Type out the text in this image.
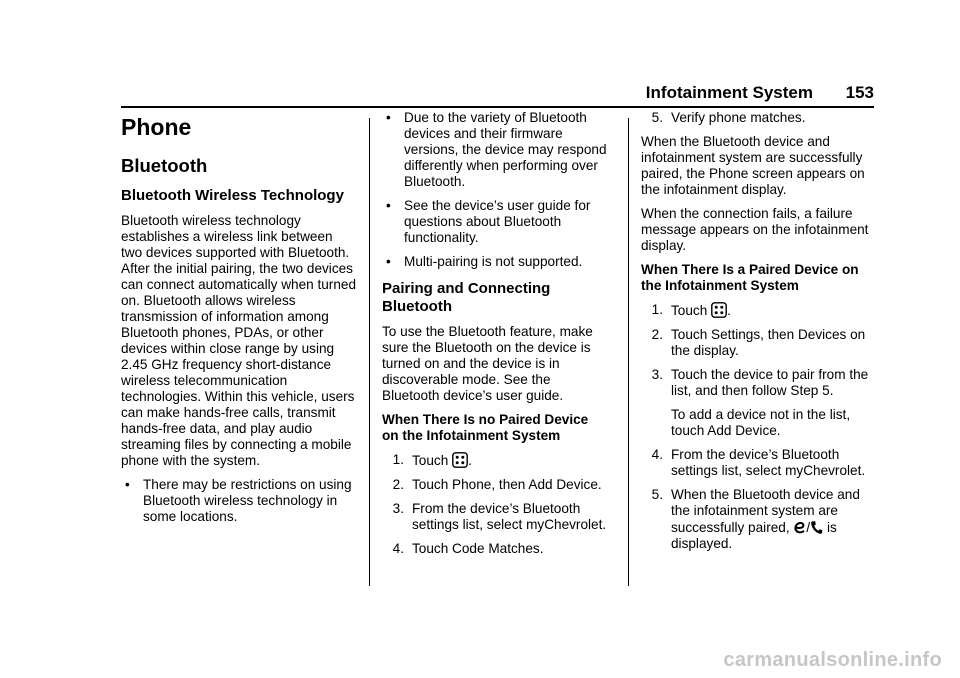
Infotainment System 153
Phone
Bluetooth
Bluetooth Wireless Technology

Bluetooth wireless technology establishes a wireless link between two devices supported with Bluetooth. After the initial pairing, the two devices can connect automatically when turned on. Bluetooth allows wireless transmission of information among Bluetooth phones, PDAs, or other devices within close range by using 2.45 GHz frequency short-distance wireless telecommunication technologies. Within this vehicle, users can make hands-free calls, transmit hands-free data, and play audio streaming files by connecting a mobile phone with the system.

• There may be restrictions on using Bluetooth wireless technology in some locations.
• Due to the variety of Bluetooth devices and their firmware versions, the device may respond differently when performing over Bluetooth.
• See the device’s user guide for questions about Bluetooth functionality.
• Multi-pairing is not supported.
Pairing and Connecting Bluetooth

To use the Bluetooth feature, make sure the Bluetooth on the device is turned on and the device is in discoverable mode. See the Bluetooth device’s user guide.

When There Is no Paired Device on the Infotainment System

1. Touch .
2. Touch Phone, then Add Device.
3. From the device’s Bluetooth settings list, select myChevrolet.
4. Touch Code Matches.
5. Verify phone matches.

When the Bluetooth device and infotainment system are successfully paired, the Phone screen appears on the infotainment display.

When the connection fails, a failure message appears on the infotainment display.

When There Is a Paired Device on the Infotainment System

1. Touch .
2. Touch Settings, then Devices on the display.
3. Touch the device to pair from the list, and then follow Step 5.
To add a device not in the list, touch Add Device.
4. From the device’s Bluetooth settings list, select myChevrolet.
5. When the Bluetooth device and the infotainment system are successfully paired, / is displayed.
carmanualsonline.info
